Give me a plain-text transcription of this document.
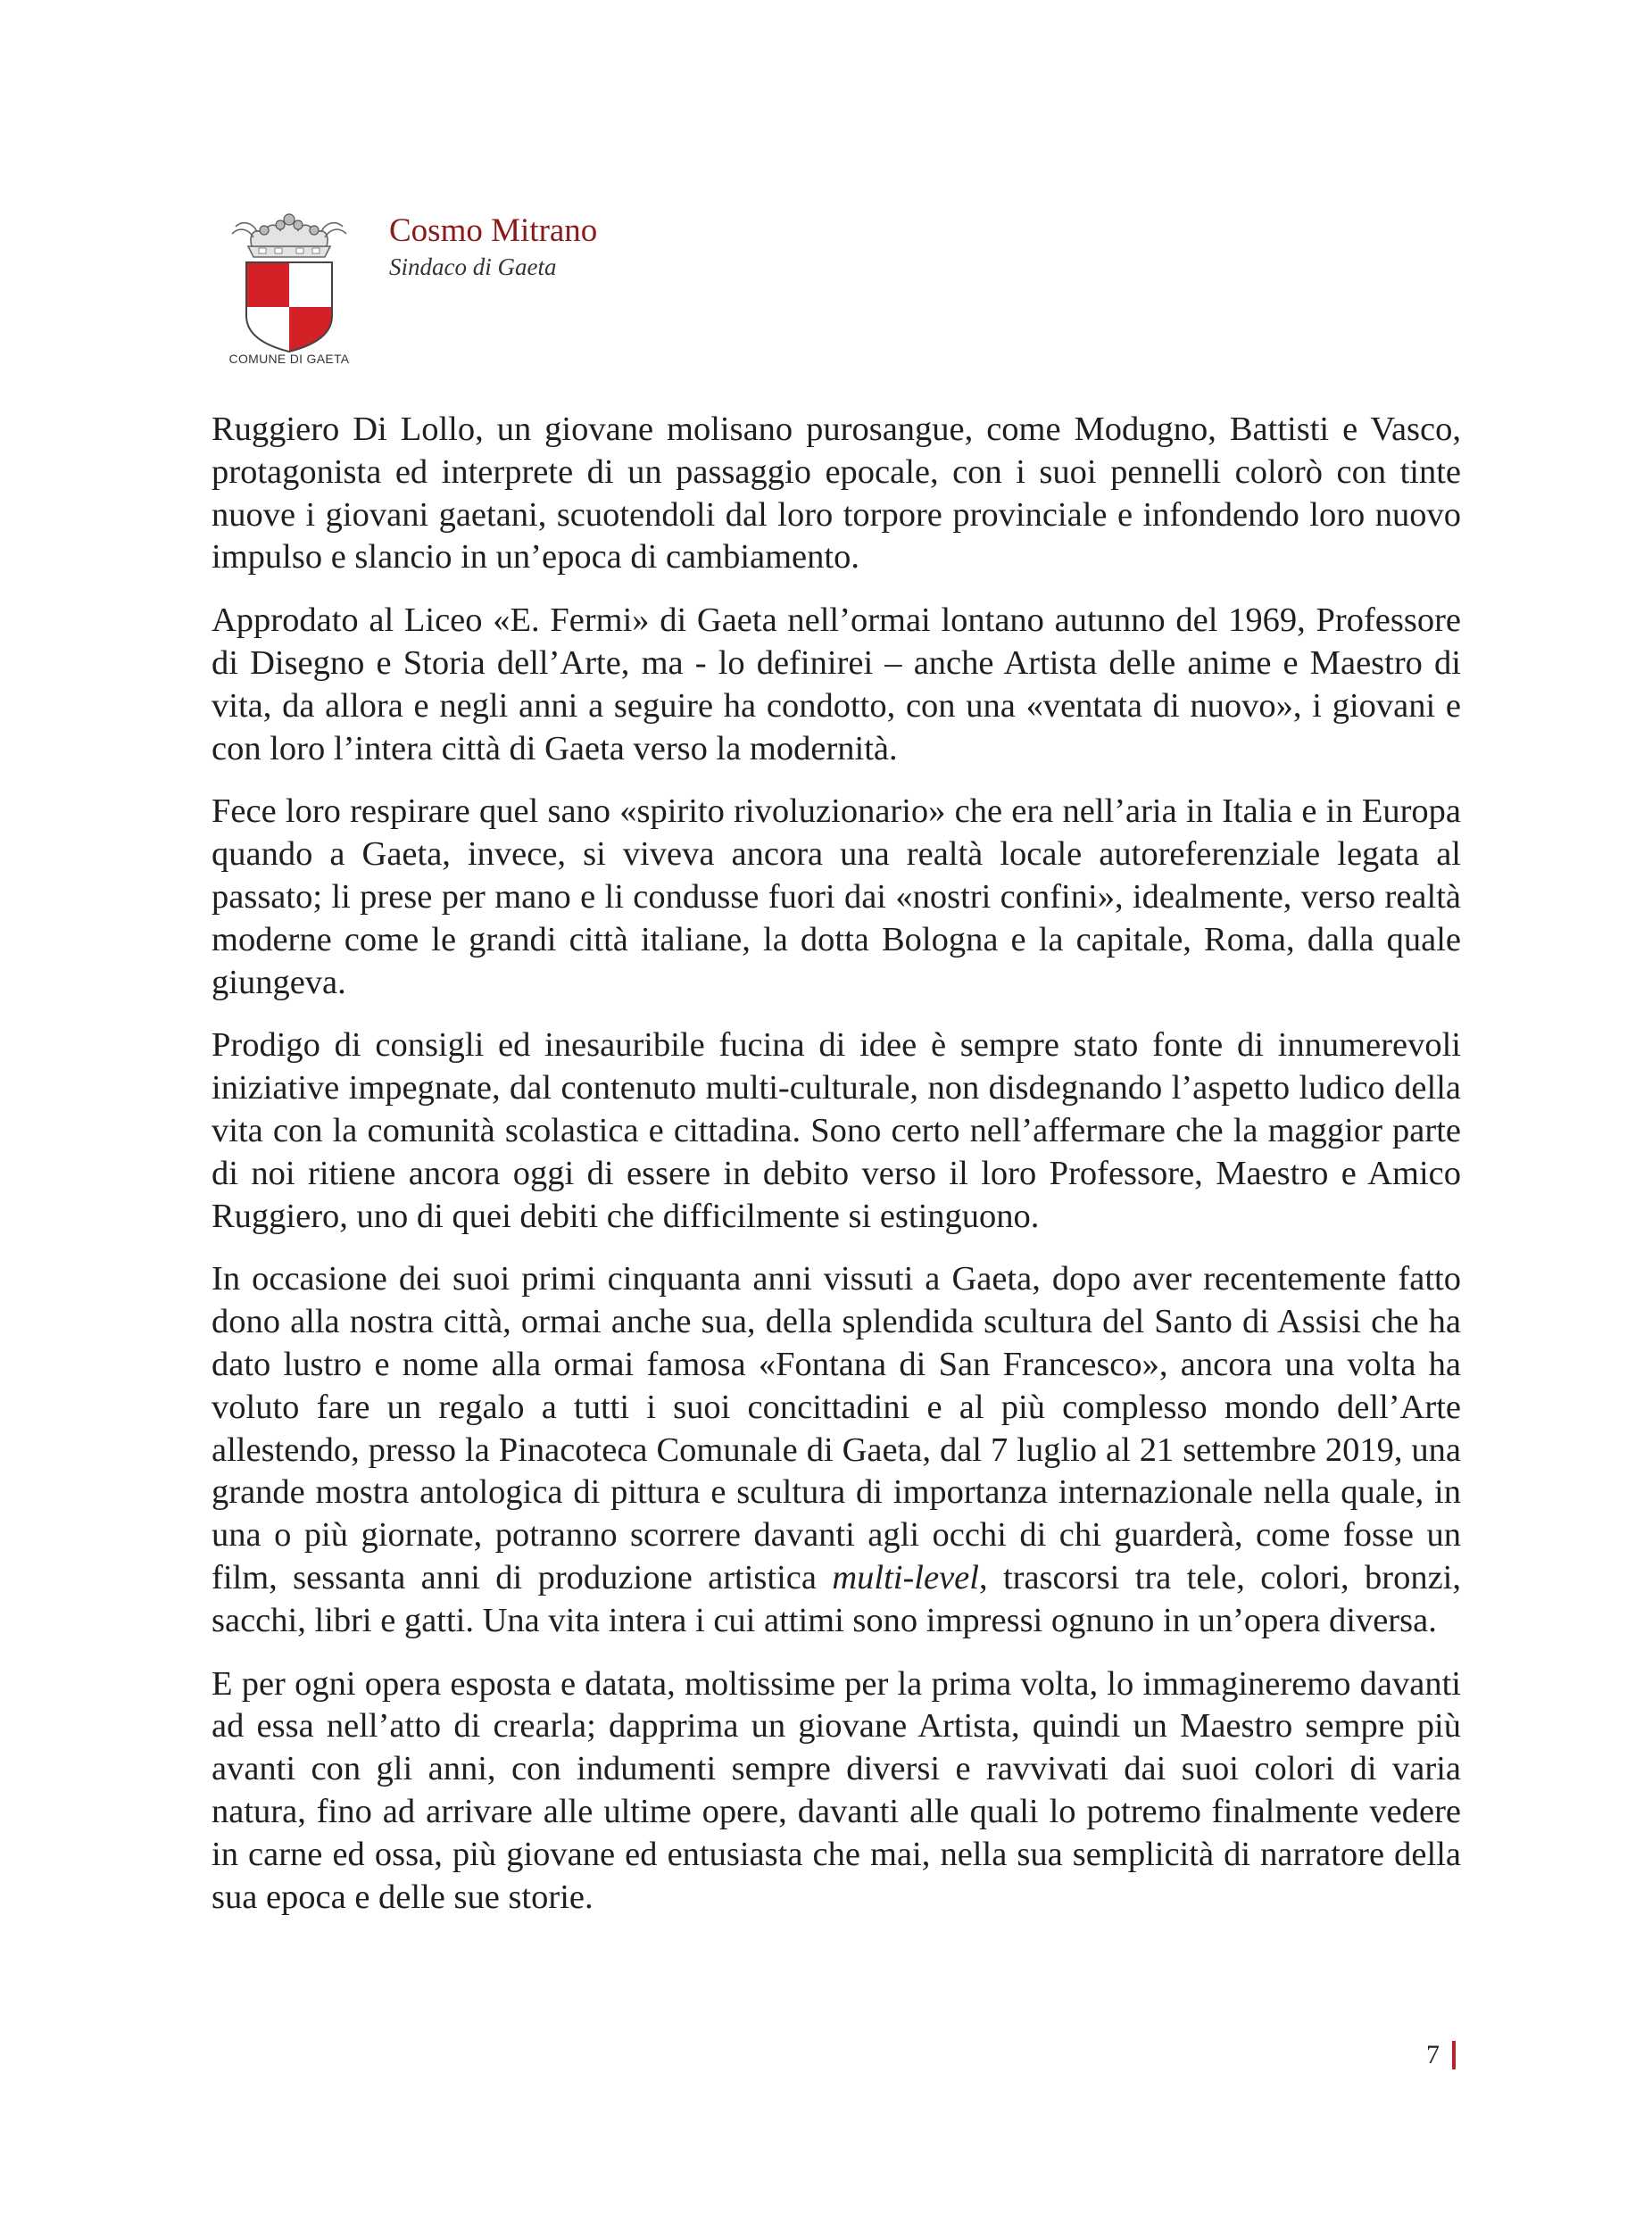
COMUNE DI GAETA
Cosmo Mitrano
Sindaco di Gaeta

Ruggiero Di Lollo, un giovane molisano purosangue, come Modugno, Battisti e Vasco, protagonista ed interprete di un passaggio epocale, con i suoi pennelli colorò con tinte nuove i giovani gaetani, scuotendoli dal loro torpore provinciale e infondendo loro nuovo impulso e slancio in un’epoca di cambiamento.

Approdato al Liceo «E. Fermi» di Gaeta nell’ormai lontano autunno del 1969, Professore di Disegno e Storia dell’Arte, ma - lo definirei – anche Artista delle anime e Maestro di vita, da allora e negli anni a seguire ha condotto, con una «ventata di nuovo», i giovani e con loro l’intera città di Gaeta verso la modernità.

Fece loro respirare quel sano «spirito rivoluzionario» che era nell’aria in Italia e in Europa quando a Gaeta, invece, si viveva ancora una realtà locale autoreferenziale legata al passato; li prese per mano e li condusse fuori dai «nostri confini», idealmente, verso realtà moderne come le grandi città italiane, la dotta Bologna e la capitale, Roma, dalla quale giungeva.

Prodigo di consigli ed inesauribile fucina di idee è sempre stato fonte di innumerevoli iniziative impegnate, dal contenuto multi-culturale, non disdegnando l’aspetto ludico della vita con la comunità scolastica e cittadina. Sono certo nell’affermare che la maggior parte di noi ritiene ancora oggi di essere in debito verso il loro Professore, Maestro e Amico Ruggiero, uno di quei debiti che difficilmente si estinguono.

In occasione dei suoi primi cinquanta anni vissuti a Gaeta, dopo aver recentemente fatto dono alla nostra città, ormai anche sua, della splendida scultura del Santo di Assisi che ha dato lustro e nome alla ormai famosa «Fontana di San Francesco», ancora una volta ha voluto fare un regalo a tutti i suoi concittadini e al più complesso mondo dell’Arte allestendo, presso la Pinacoteca Comunale di Gaeta, dal 7 luglio al 21 settembre 2019, una grande mostra antologica di pittura e scultura di importanza internazionale nella quale, in una o più giornate, potranno scorrere davanti agli occhi di chi guarderà, come fosse un film, sessanta anni di produzione artistica multi-level, trascorsi tra tele, colori, bronzi, sacchi, libri e gatti. Una vita intera i cui attimi sono impressi ognuno in un’opera diversa.

E per ogni opera esposta e datata, moltissime per la prima volta, lo immagineremo davanti ad essa nell’atto di crearla; dapprima un giovane Artista, quindi un Maestro sempre più avanti con gli anni, con indumenti sempre diversi e ravvivati dai suoi colori di varia natura, fino ad arrivare alle ultime opere, davanti alle quali lo potremo finalmente vedere in carne ed ossa, più giovane ed entusiasta che mai, nella sua semplicità di narratore della sua epoca e delle sue storie.

7
